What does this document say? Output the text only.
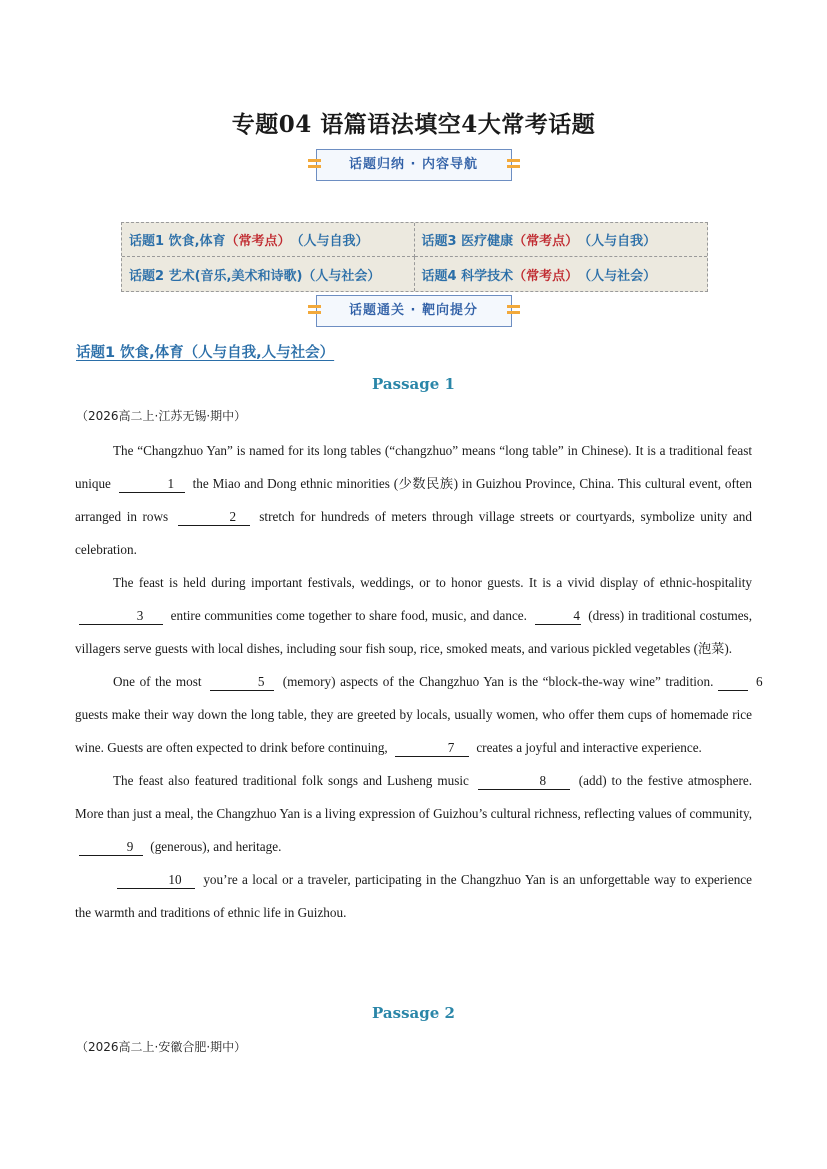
专题04 语篇语法填空4大常考话题
话题归纳 · 内容导航
话题1 饮食,体育 （常考点） （人与自我）	话题3 医疗健康 （常考点） （人与自我）
话题2 艺术(音乐,美术和诗歌) （人与社会）	话题4 科学技术 （常考点） （人与社会）
话题通关 · 靶向提分
话题1 饮食,体育（人与自我,人与社会）
Passage 1
（2026高二上·江苏无锡·期中）

The “Changzhuo Yan” is named for its long tables (“changzhuo” means “long table” in Chinese). It is a traditional feast unique	1 the Miao and Dong ethnic minorities (少数民族) in Guizhou Province, China. This cultural event, often arranged in rows	2 stretch for hundreds of meters through village streets or courtyards, symbolize unity and celebration.

The feast is held during important festivals, weddings, or to honor guests. It is a vivid display of ethnic-hospitality 3 entire communities come together to share food, music, and dance.	4 (dress) in traditional costumes, villagers serve guests with local dishes, including sour fish soup, rice, smoked meats, and various pickled vegetables (泡菜).

One of the most	5 (memory) aspects of the Changzhuo Yan is the “block-the-way wine” tradition.	6 guests make their way down the long table, they are greeted by locals, usually women, who offer them cups of homemade rice wine. Guests are often expected to drink before continuing,	7 creates a joyful and interactive experience.

The feast also featured traditional folk songs and Lusheng music	8 (add) to the festive atmosphere. More than just a meal, the Changzhuo Yan is a living expression of Guizhou’s cultural richness, reflecting values of community, 9 (generous), and heritage.

10 you’re a local or a traveler, participating in the Changzhuo Yan is an unforgettable way to experience the warmth and traditions of ethnic life in Guizhou.

Passage 2
（2026高二上·安徽合肥·期中）
